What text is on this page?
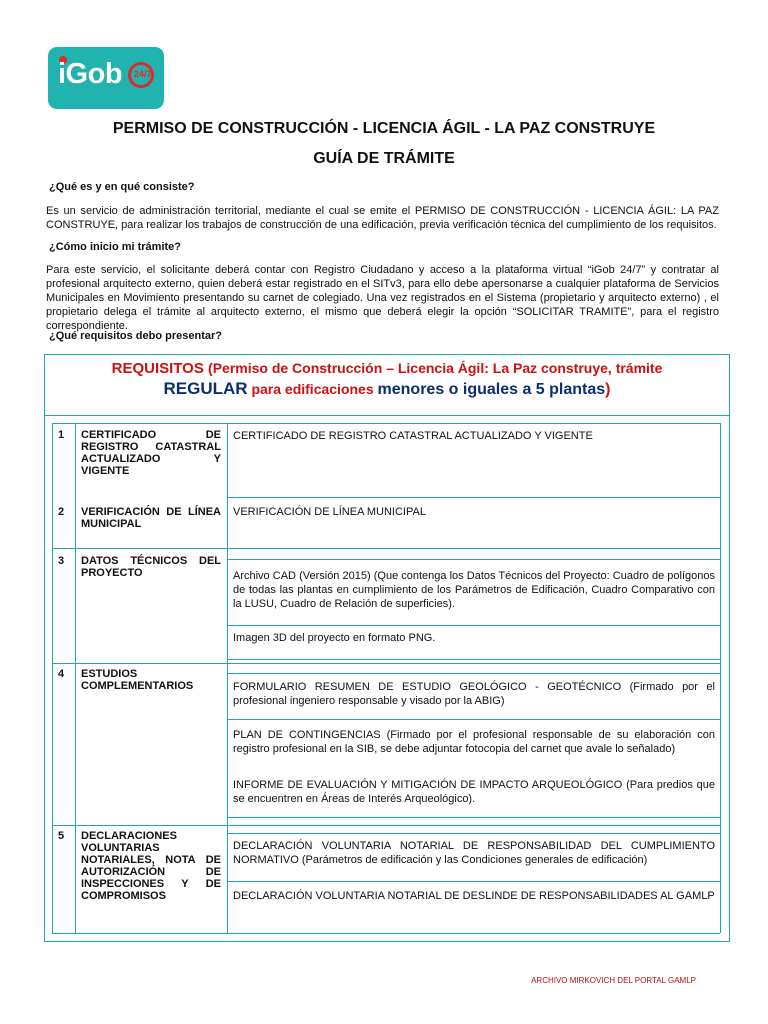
iGob 24/7
PERMISO DE CONSTRUCCIÓN - LICENCIA ÁGIL - LA PAZ CONSTRUYE
GUÍA DE TRÁMITE
¿Qué es y en qué consiste?
Es un servicio de administración territorial, mediante el cual se emite el PERMISO DE CONSTRUCCIÓN - LICENCIA ÁGIL: LA PAZ CONSTRUYE, para realizar los trabajos de construcción de una edificación, previa verificación técnica del cumplimiento de los requisitos.
¿Cómo inicio mi trámite?
Para este servicio, el solicitante deberá contar con Registro Ciudadano y acceso a la plataforma virtual “iGob 24/7” y contratar al profesional arquitecto externo, quien deberá estar registrado en el SITv3, para ello debe apersonarse a cualquier plataforma de Servicios Municipales en Movimiento presentando su carnet de colegiado. Una vez registrados en el Sistema (propietario y arquitecto externo) , el propietario delega el trámite al arquitecto externo, el mismo que deberá elegir la opción “SOLICITAR TRAMITE”, para el registro correspondiente.
¿Qué requisitos debo presentar?
REQUISITOS (Permiso de Construcción – Licencia Ágil: La Paz construye, trámite
REGULAR para edificaciones menores o iguales a 5 plantas)
1 CERTIFICADO DE REGISTRO CATASTRAL ACTUALIZADO Y VIGENTE
CERTIFICADO DE REGISTRO CATASTRAL ACTUALIZADO Y VIGENTE
2 VERIFICACIÓN DE LÍNEA MUNICIPAL
VERIFICACIÓN DE LÍNEA MUNICIPAL
3 DATOS TÉCNICOS DEL PROYECTO	Archivo CAD (Versión 2015) (Que contenga los Datos Técnicos del Proyecto: Cuadro de polígonos de todas las plantas en cumplimiento de los Parámetros de Edificación, Cuadro Comparativo con la LUSU, Cuadro de Relación de superficies).
Imagen 3D del proyecto en formato PNG.
4 ESTUDIOS COMPLEMENTARIOS	FORMULARIO RESUMEN DE ESTUDIO GEOLÓGICO - GEOTÉCNICO (Firmado por el profesional ingeniero responsable y visado por la ABIG)
PLAN DE CONTINGENCIAS (Firmado por el profesional responsable de su elaboración con registro profesional en la SIB, se debe adjuntar fotocopia del carnet que avale lo señalado)
INFORME DE EVALUACIÓN Y MITIGACIÓN DE IMPACTO ARQUEOLÓGICO (Para predios que se encuentren en Áreas de Interés Arqueológico).
5 DECLARACIONES VOLUNTARIAS NOTARIALES, NOTA DE AUTORIZACIÓN DE INSPECCIONES Y DE COMPROMISOS
DECLARACIÓN VOLUNTARIA NOTARIAL DE RESPONSABILIDAD DEL CUMPLIMIENTO NORMATIVO (Parámetros de edificación y las Condiciones generales de edificación)
DECLARACIÓN VOLUNTARIA NOTARIAL DE DESLINDE DE RESPONSABILIDADES AL GAMLP
ARCHIVO MIRKOVICH DEL PORTAL GAMLP
